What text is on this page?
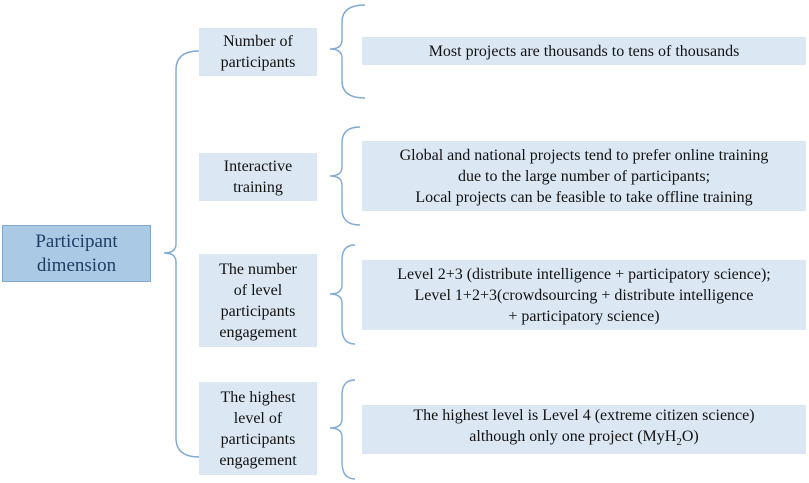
Participant
dimension
Number of
participants
Most projects are thousands to tens of thousands
Interactive
training
Global and national projects tend to prefer online training
due to the large number of participants;
Local projects can be feasible to take offline training
The number
of level
participants
engagement
Level 2+3 (distribute intelligence + participatory science);
Level 1+2+3(crowdsourcing + distribute intelligence
+ participatory science)
The highest
level of
participants
engagement
The highest level is Level 4 (extreme citizen science)
although only one project (MyH$_2$O)
